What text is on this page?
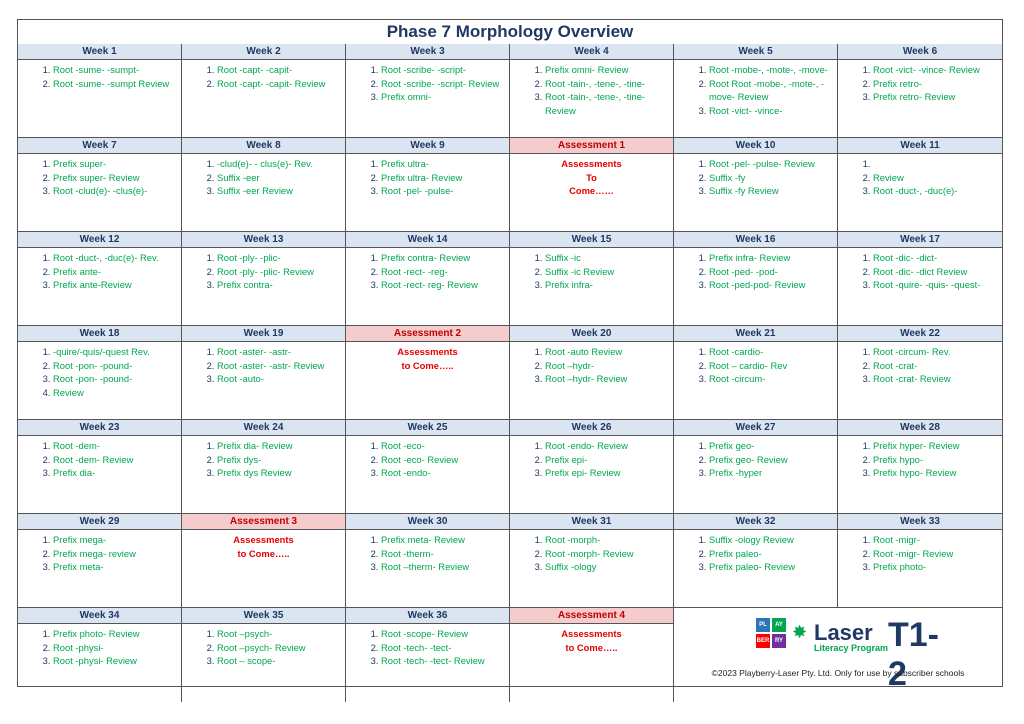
Phase 7 Morphology Overview
Week 1
1. Root -sume- -sumpt-
2. Root -sume- -sumpt Review
Week 2
1. Root -capt- -capit-
2. Root -capt- -capit- Review
Week 3
1. Root -scribe- -script-
2. Root -scribe- -script- Review
3. Prefix omni-
Week 4
1. Prefix omni- Review
2. Root -tain-, -tene-, -tine-
3. Root -tain-, -tene-, -tine- Review
Week 5
1. Root -mobe-, -mote-, -move-
2. Root Root -mobe-, -mote-, -move- Review
3. Root -vict- -vince-
Week 6
1. Root -vict- -vince- Review
2. Prefix retro-
3. Prefix retro- Review
Week 7
1. Prefix super-
2. Prefix super- Review
3. Root -clud(e)- -clus(e)-
Week 8
1. -clud(e)- - clus(e)- Rev.
2. Suffix -eer
3. Suffix -eer Review
Week 9
1. Prefix ultra-
2. Prefix ultra- Review
3. Root -pel- -pulse-
Assessment 1
Assessments
To
Come……
Week 10
1. Root -pel- -pulse- Review
2. Suffix -fy
3. Suffix -fy Review
Week 11
1.
2. Review
3. Root -duct-, -duc(e)-
Week 12
1. Root -duct-, -duc(e)- Rev.
2. Prefix ante-
3. Prefix ante-Review
Week 13
1. Root -ply- -plic-
2. Root -ply- -plic- Review
3. Prefix contra-
Week 14
1. Prefix contra- Review
2. Root -rect- -reg-
3. Root -rect- reg- Review
Week 15
1. Suffix -ic
2. Suffix -ic Review
3. Prefix infra-
Week 16
1. Prefix infra- Review
2. Root -ped- -pod-
3. Root -ped-pod- Review
Week 17
1. Root -dic- -dict-
2. Root -dic- -dict Review
3. Root -quire- -quis- -quest-
Week 18
1. -quire/-quis/-quest Rev.
2. Root -pon- -pound-
3. Root -pon- -pound-
4. Review
Week 19
1. Root -aster- -astr-
2. Root -aster- -astr- Review
3. Root -auto-
Assessment 2
Assessments
to Come…..
Week 20
1. Root -auto Review
2. Root –hydr-
3. Root –hydr- Review
Week 21
1. Root -cardio-
2. Root – cardio- Rev
3. Root -circum-
Week 22
1. Root -circum- Rev.
2. Root -crat-
3. Root -crat- Review
Week 23
1. Root -dem-
2. Root -dem- Review
3. Prefix dia-
Week 24
1. Prefix dia- Review
2. Prefix dys-
3. Prefix dys Review
Week 25
1. Root -eco-
2. Root -eco- Review
3. Root -endo-
Week 26
1. Root -endo- Review
2. Prefix epi-
3. Prefix epi- Review
Week 27
1. Prefix geo-
2. Prefix geo- Review
3. Prefix -hyper
Week 28
1. Prefix hyper- Review
2. Prefix hypo-
3. Prefix hypo- Review
Week 29
1. Prefix mega-
2. Prefix mega- review
3. Prefix meta-
Assessment 3
Assessments
to Come…..
Week 30
1. Prefix meta- Review
2. Root -therm-
3. Root –therm- Review
Week 31
1. Root -morph-
2. Root -morph- Review
3. Suffix -ology
Week 32
1. Suffix -ology Review
2. Prefix paleo-
3. Prefix paleo- Review
Week 33
1. Root -migr-
2. Root -migr- Review
3. Prefix photo-
Week 34
1. Prefix photo- Review
2. Root -physi-
3. Root -physi- Review
Week 35
1. Root –psych-
2. Root –psych- Review
3. Root – scope-
Week 36
1. Root -scope- Review
2. Root -tech- -tect-
3. Root -tech- -tect- Review
Assessment 4
Assessments
to Come…..
PL	AY
BER RY ✸ Laser
Literacy Program T1-2
©2023 Playberry-Laser Pty. Ltd. Only for use by subscriber schools
